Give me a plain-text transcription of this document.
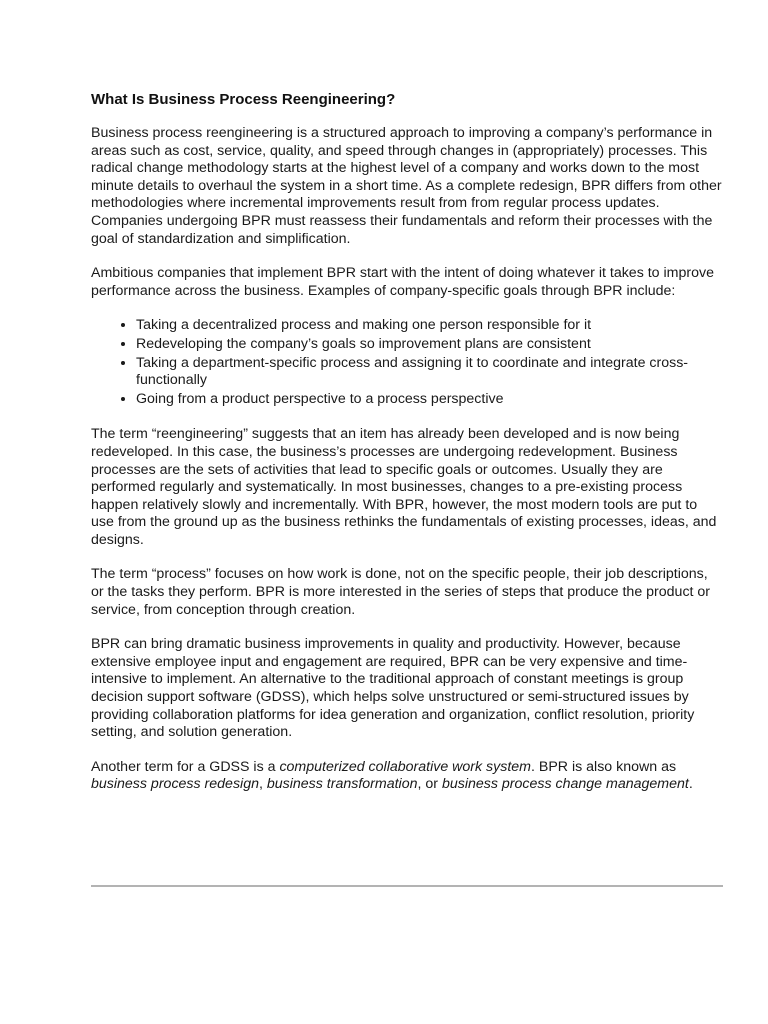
What Is Business Process Reengineering?

Business process reengineering is a structured approach to improving a company’s performance in areas such as cost, service, quality, and speed through changes in (appropriately) processes. This radical change methodology starts at the highest level of a company and works down to the most minute details to overhaul the system in a short time. As a complete redesign, BPR differs from other methodologies where incremental improvements result from from regular process updates. Companies undergoing BPR must reassess their fundamentals and reform their processes with the goal of standardization and simplification.

Ambitious companies that implement BPR start with the intent of doing whatever it takes to improve performance across the business. Examples of company-specific goals through BPR include:

• Taking a decentralized process and making one person responsible for it
• Redeveloping the company’s goals so improvement plans are consistent
• Taking a department-specific process and assigning it to coordinate and integrate cross-functionally
• Going from a product perspective to a process perspective

The term “reengineering” suggests that an item has already been developed and is now being redeveloped. In this case, the business’s processes are undergoing redevelopment. Business processes are the sets of activities that lead to specific goals or outcomes. Usually they are performed regularly and systematically. In most businesses, changes to a pre-existing process happen relatively slowly and incrementally. With BPR, however, the most modern tools are put to use from the ground up as the business rethinks the fundamentals of existing processes, ideas, and designs.

The term “process” focuses on how work is done, not on the specific people, their job descriptions, or the tasks they perform. BPR is more interested in the series of steps that produce the product or service, from conception through creation.

BPR can bring dramatic business improvements in quality and productivity. However, because extensive employee input and engagement are required, BPR can be very expensive and time-intensive to implement. An alternative to the traditional approach of constant meetings is group decision support software (GDSS), which helps solve unstructured or semi-structured issues by providing collaboration platforms for idea generation and organization, conflict resolution, priority setting, and solution generation.

Another term for a GDSS is a computerized collaborative work system. BPR is also known as business process redesign, business transformation, or business process change management.
